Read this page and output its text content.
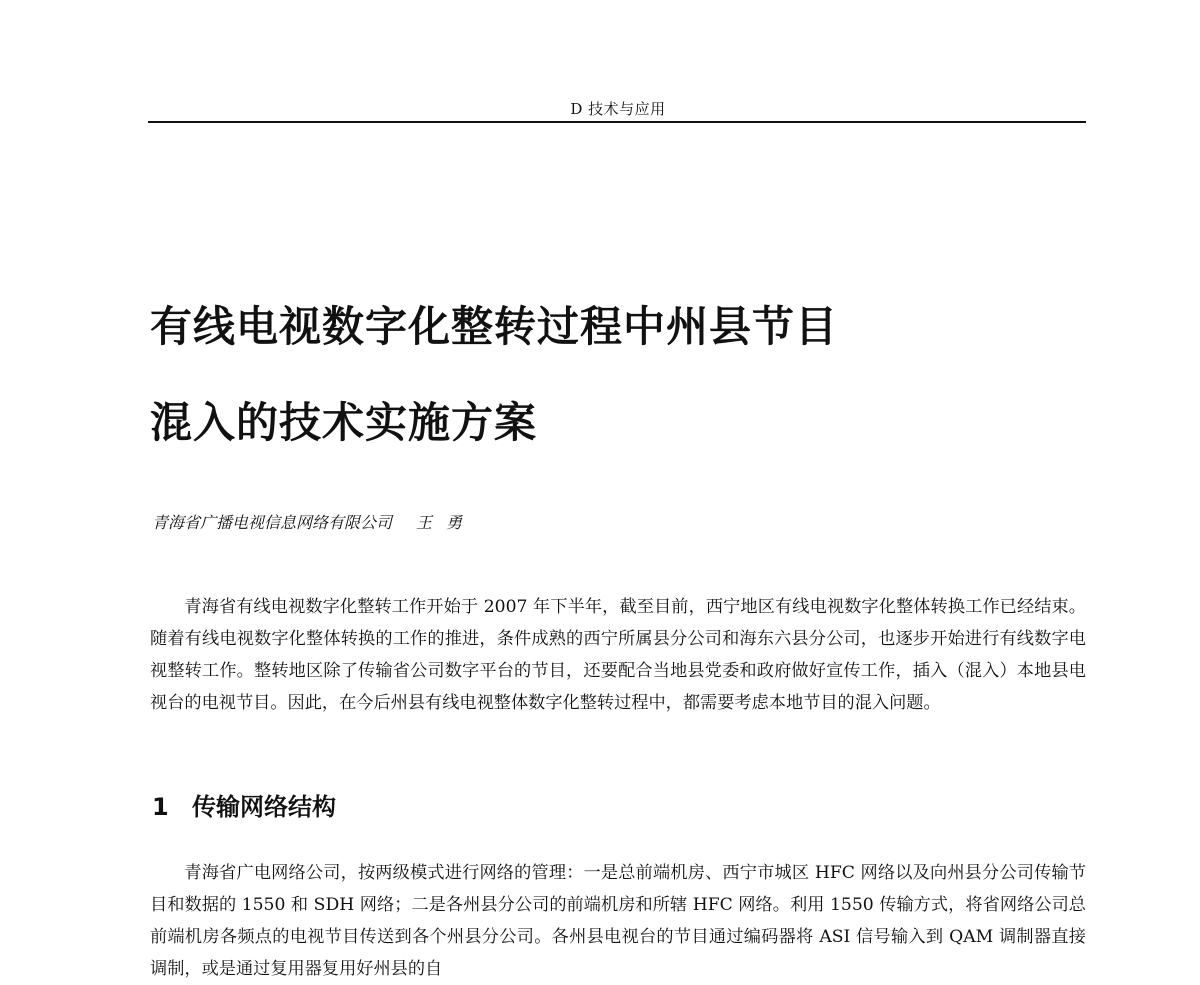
D 技术与应用
有线电视数字化整转过程中州县节目
混入的技术实施方案
青海省广播电视信息网络有限公司 王勇

青海省有线电视数字化整转工作开始于 2007 年下半年，截至目前，西宁地区有线电视数字化整体转换工作已经结束。随着有线电视数字化整体转换的工作的推进，条件成熟的西宁所属县分公司和海东六县分公司，也逐步开始进行有线数字电视整转工作。整转地区除了传输省公司数字平台的节目，还要配合当地县党委和政府做好宣传工作，插入（混入）本地县电视台的电视节目。因此，在今后州县有线电视整体数字化整转过程中，都需要考虑本地节目的混入问题。

1 传输网络结构

青海省广电网络公司，按两级模式进行网络的管理：一是总前端机房、西宁市城区 HFC 网络以及向州县分公司传输节目和数据的 1550 和 SDH 网络；二是各州县分公司的前端机房和所辖 HFC 网络。利用 1550 传输方式，将省网络公司总前端机房各频点的电视节目传送到各个州县分公司。各州县电视台的节目通过编码器将 ASI 信号输入到 QAM 调制器直接调制，或是通过复用器复用好州县的自
